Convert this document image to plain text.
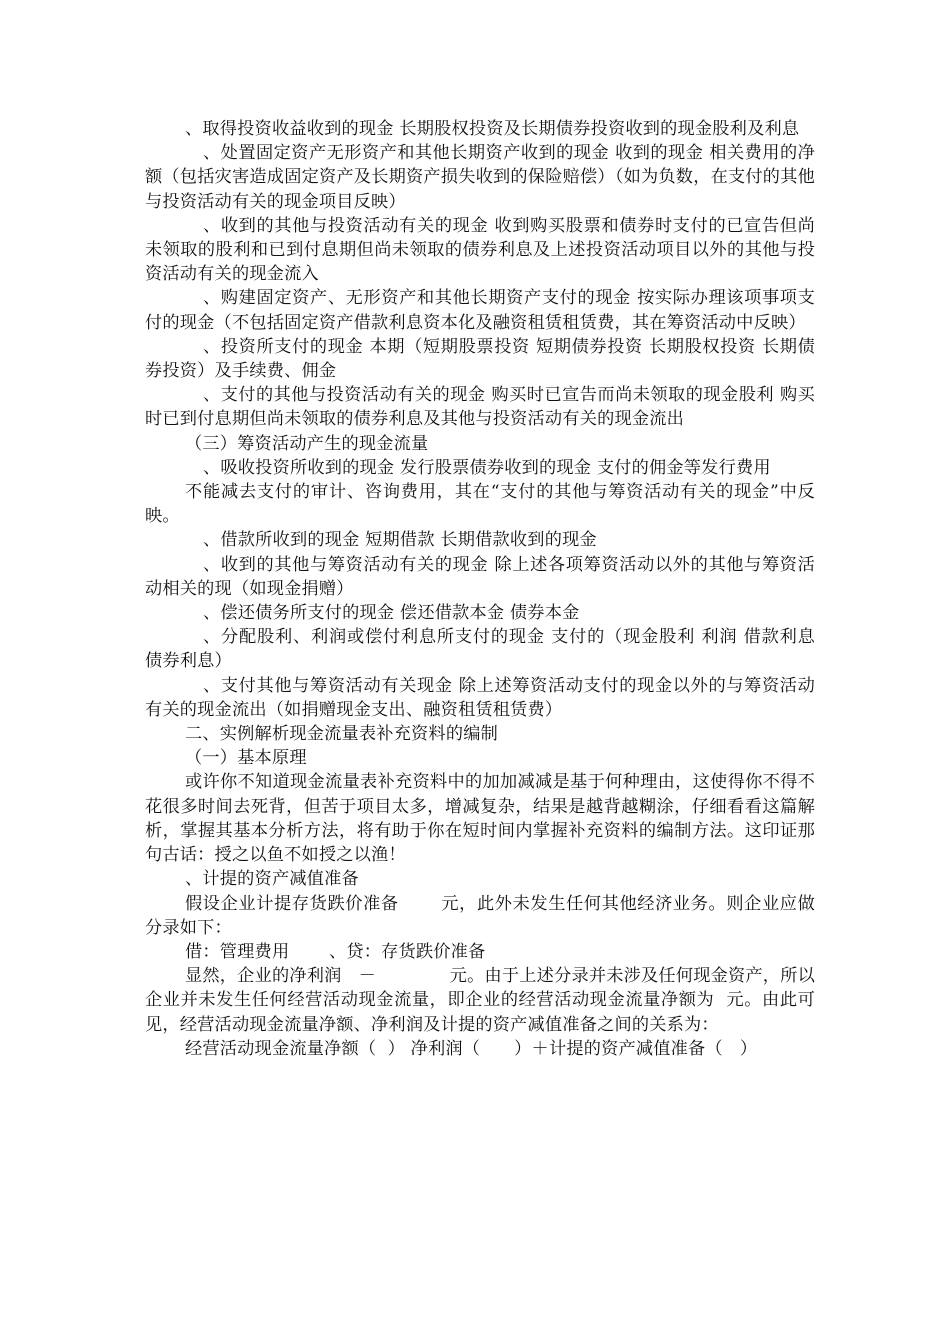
、取得投资收益收到的现金 长期股权投资及长期债券投资收到的现金股利及利息

、处置固定资产无形资产和其他长期资产收到的现金 收到的现金 相关费用的净额（包括灾害造成固定资产及长期资产损失收到的保险赔偿）（如为负数，在支付的其他与投资活动有关的现金项目反映）

、收到的其他与投资活动有关的现金 收到购买股票和债券时支付的已宣告但尚未领取的股利和已到付息期但尚未领取的债券利息及上述投资活动项目以外的其他与投资活动有关的现金流入

、购建固定资产、无形资产和其他长期资产支付的现金 按实际办理该项事项支付的现金（不包括固定资产借款利息资本化及融资租赁租赁费，其在筹资活动中反映）

、投资所支付的现金 本期（短期股票投资 短期债券投资 长期股权投资 长期债券投资）及手续费、佣金

、支付的其他与投资活动有关的现金 购买时已宣告而尚未领取的现金股利 购买时已到付息期但尚未领取的债券利息及其他与投资活动有关的现金流出

（三）筹资活动产生的现金流量

、吸收投资所收到的现金 发行股票债券收到的现金 支付的佣金等发行费用

不能减去支付的审计、咨询费用，其在“支付的其他与筹资活动有关的现金”中反映。

、借款所收到的现金 短期借款 长期借款收到的现金

、收到的其他与筹资活动有关的现金 除上述各项筹资活动以外的其他与筹资活动相关的现（如现金捐赠）

、偿还债务所支付的现金 偿还借款本金 债券本金

、分配股利、利润或偿付利息所支付的现金 支付的（现金股利 利润 借款利息 债券利息）

、支付其他与筹资活动有关现金 除上述筹资活动支付的现金以外的与筹资活动有关的现金流出（如捐赠现金支出、融资租赁租赁费）

二、实例解析现金流量表补充资料的编制

（一）基本原理

或许你不知道现金流量表补充资料中的加加减减是基于何种理由，这使得你不得不花很多时间去死背，但苦于项目太多，增减复杂，结果是越背越糊涂，仔细看看这篇解析，掌握其基本分析方法，将有助于你在短时间内掌握补充资料的编制方法。这印证那句古话：授之以鱼不如授之以渔！

、计提的资产减值准备

假设企业计提存货跌价准备       元，此外未发生任何其他经济业务。则企业应做分录如下：

借：管理费用       、贷：存货跌价准备

显然，企业的净利润   －             元。由于上述分录并未涉及任何现金资产，所以企业并未发生任何经营活动现金流量，即企业的经营活动现金流量净额为  元。由此可见，经营活动现金流量净额、净利润及计提的资产减值准备之间的关系为：

经营活动现金流量净额（  ） 净利润（      ）＋计提的资产减值准备（   ）
